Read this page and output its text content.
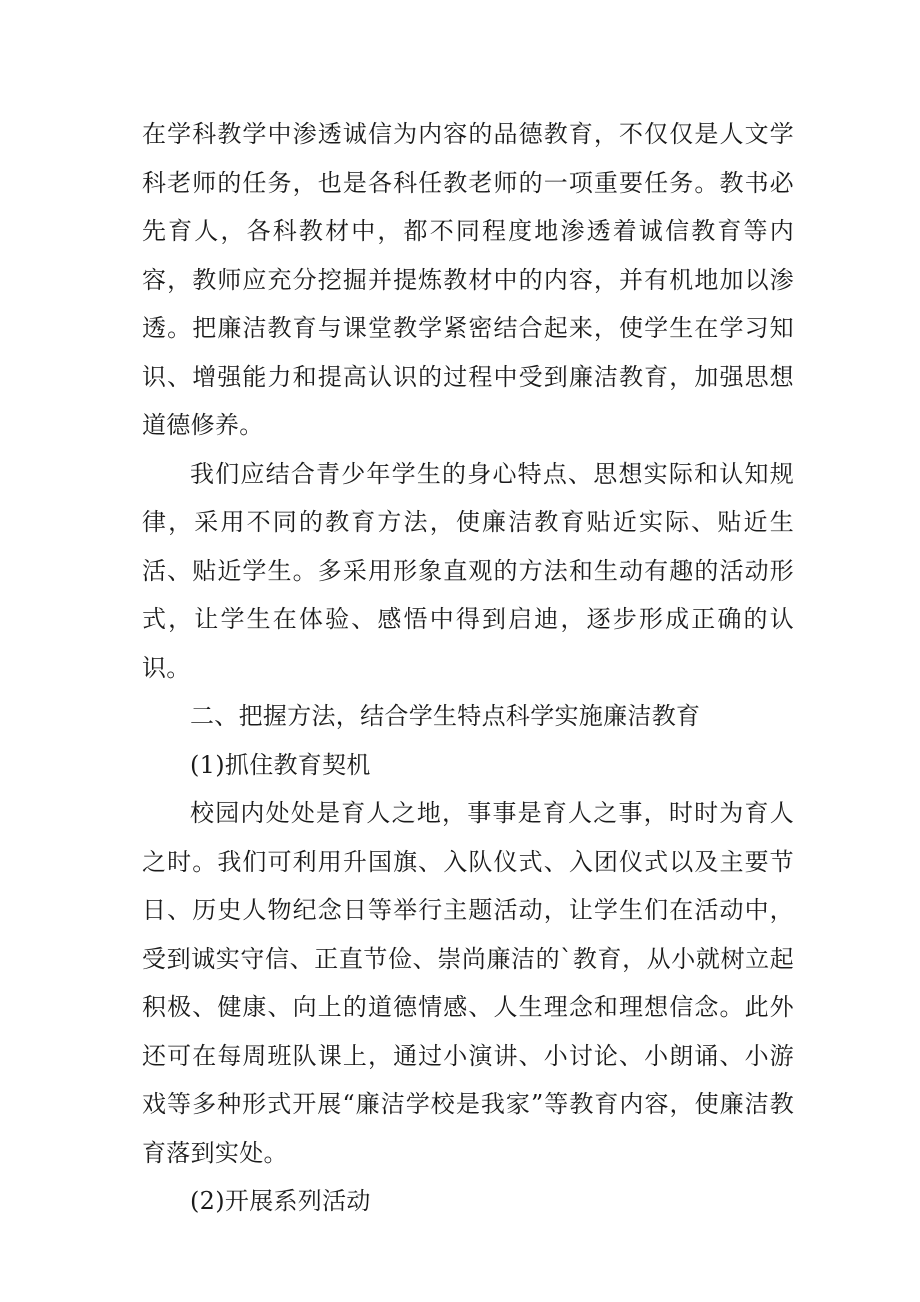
在学科教学中渗透诚信为内容的品德教育，不仅仅是人文学科老师的任务，也是各科任教老师的一项重要任务。教书必先育人，各科教材中，都不同程度地渗透着诚信教育等内容，教师应充分挖掘并提炼教材中的内容，并有机地加以渗透。把廉洁教育与课堂教学紧密结合起来，使学生在学习知识、增强能力和提高认识的过程中受到廉洁教育，加强思想道德修养。

我们应结合青少年学生的身心特点、思想实际和认知规律，采用不同的教育方法，使廉洁教育贴近实际、贴近生活、贴近学生。多采用形象直观的方法和生动有趣的活动形式，让学生在体验、感悟中得到启迪，逐步形成正确的认识。

二、把握方法，结合学生特点科学实施廉洁教育

(1)抓住教育契机

校园内处处是育人之地，事事是育人之事，时时为育人之时。我们可利用升国旗、入队仪式、入团仪式以及主要节日、历史人物纪念日等举行主题活动，让学生们在活动中，受到诚实守信、正直节俭、崇尚廉洁的`教育，从小就树立起积极、健康、向上的道德情感、人生理念和理想信念。此外还可在每周班队课上，通过小演讲、小讨论、小朗诵、小游戏等多种形式开展“廉洁学校是我家”等教育内容，使廉洁教育落到实处。

(2)开展系列活动
